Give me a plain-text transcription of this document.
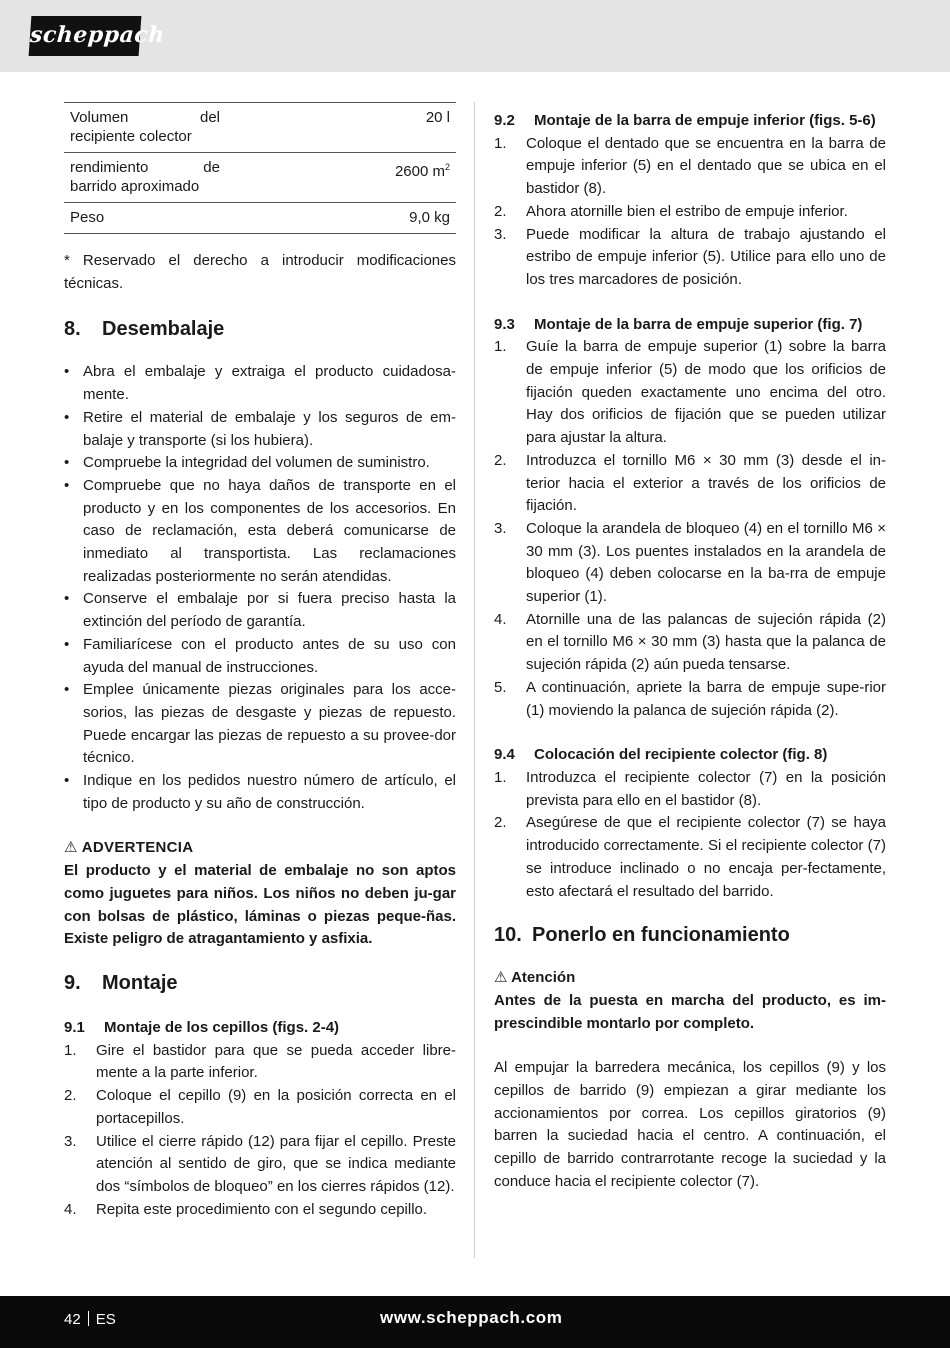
scheppach
Volumen del recipiente colector	20 l
rendimiento de barrido aproximado	2600 $m^2$
Peso	9,0 kg

* Reservado el derecho a introducir modificaciones técnicas.

8.	Desembalaje
• Abra el embalaje y extraiga el producto cuidadosa-mente.
• Retire el material de embalaje y los seguros de em-balaje y transporte (si los hubiera).
• Compruebe la integridad del volumen de suministro.
• Compruebe que no haya daños de transporte en el producto y en los componentes de los accesorios. En caso de reclamación, esta deberá comunicarse de inmediato al transportista. Las reclamaciones realizadas posteriormente no serán atendidas.
• Conserve el embalaje por si fuera preciso hasta la extinción del período de garantía.
• Familiarícese con el producto antes de su uso con ayuda del manual de instrucciones.
• Emplee únicamente piezas originales para los acce-sorios, las piezas de desgaste y piezas de repuesto. Puede encargar las piezas de repuesto a su provee-dor técnico.
• Indique en los pedidos nuestro número de artículo, el tipo de producto y su año de construcción.
⚠ ADVERTENCIA

El producto y el material de embalaje no son aptos como juguetes para niños. Los niños no deben ju-gar con bolsas de plástico, láminas o piezas peque-ñas. Existe peligro de atragantamiento y asfixia.

9.	Montaje
9.1	Montaje de los cepillos (figs. 2-4)
1.	Gire el bastidor para que se pueda acceder libre-mente a la parte inferior.
2.	Coloque el cepillo (9) en la posición correcta en el portacepillos.
3.	Utilice el cierre rápido (12) para fijar el cepillo. Preste atención al sentido de giro, que se indica mediante dos “símbolos de bloqueo” en los cierres rápidos (12).
4.	Repita este procedimiento con el segundo cepillo.
9.2	Montaje de la barra de empuje inferior (figs. 5-6)
1.	Coloque el dentado que se encuentra en la barra de empuje inferior (5) en el dentado que se ubica en el bastidor (8).
2.	Ahora atornille bien el estribo de empuje inferior.
3.	Puede modificar la altura de trabajo ajustando el estribo de empuje inferior (5). Utilice para ello uno de los tres marcadores de posición.
9.3	Montaje de la barra de empuje superior (fig. 7)
1.	Guíe la barra de empuje superior (1) sobre la barra de empuje inferior (5) de modo que los orificios de fijación queden exactamente uno encima del otro. Hay dos orificios de fijación que se pueden utilizar para ajustar la altura.
2.	Introduzca el tornillo M6 × 30 mm (3) desde el in-terior hacia el exterior a través de los orificios de fijación.
3.	Coloque la arandela de bloqueo (4) en el tornillo M6 × 30 mm (3). Los puentes instalados en la arandela de bloqueo (4) deben colocarse en la ba-rra de empuje superior (1).
4.	Atornille una de las palancas de sujeción rápida (2) en el tornillo M6 × 30 mm (3) hasta que la palanca de sujeción rápida (2) aún pueda tensarse.
5.	A continuación, apriete la barra de empuje supe-rior (1) moviendo la palanca de sujeción rápida (2).
9.4	Colocación del recipiente colector (fig. 8)
1.	Introduzca el recipiente colector (7) en la posición prevista para ello en el bastidor (8).
2.	Asegúrese de que el recipiente colector (7) se haya introducido correctamente. Si el recipiente colector (7) se introduce inclinado o no encaja per-fectamente, esto afectará el resultado del barrido.
10. Ponerlo en funcionamiento
⚠ Atención

Antes de la puesta en marcha del producto, es im-prescindible montarlo por completo.

Al empujar la barredera mecánica, los cepillos (9) y los cepillos de barrido (9) empiezan a girar mediante los accionamientos por correa. Los cepillos giratorios (9) barren la suciedad hacia el centro. A continuación, el cepillo de barrido contrarrotante recoge la suciedad y la conduce hacia el recipiente colector (7).

42 ES	www.scheppach.com
